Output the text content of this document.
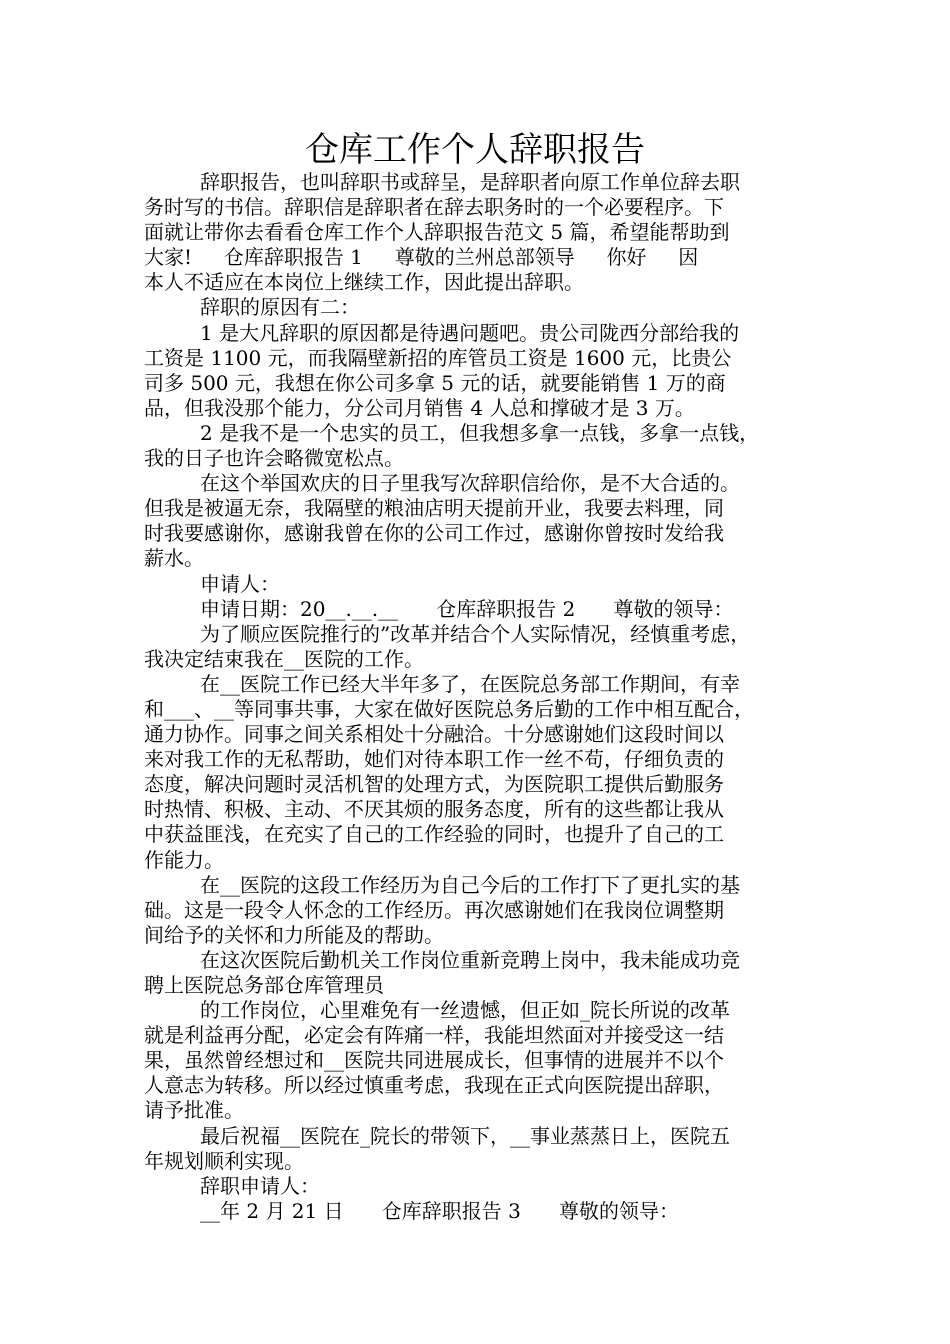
仓库工作个人辞职报告
辞职报告，也叫辞职书或辞呈，是辞职者向原工作单位辞去职
务时写的书信。辞职信是辞职者在辞去职务时的一个必要程序。下
面就让带你去看看仓库工作个人辞职报告范文 5 篇，希望能帮助到
大家!     仓库辞职报告 1     尊敬的兰州总部领导     你好     因
本人不适应在本岗位上继续工作，因此提出辞职。
辞职的原因有二：
1 是大凡辞职的原因都是待遇问题吧。贵公司陇西分部给我的
工资是 1100 元，而我隔壁新招的库管员工资是 1600 元，比贵公
司多 500 元，我想在你公司多拿 5 元的话，就要能销售 1 万的商
品，但我没那个能力，分公司月销售 4 人总和撑破才是 3 万。
2 是我不是一个忠实的员工，但我想多拿一点钱，多拿一点钱，
我的日子也许会略微宽松点。
在这个举国欢庆的日子里我写次辞职信给你，是不大合适的。
但我是被逼无奈，我隔壁的粮油店明天提前开业，我要去料理，同
时我要感谢你，感谢我曾在你的公司工作过，感谢你曾按时发给我
薪水。
申请人：
申请日期：20__.__.__      仓库辞职报告 2      尊敬的领导：
为了顺应医院推行的”改革并结合个人实际情况，经慎重考虑，
我决定结束我在__医院的工作。
在__医院工作已经大半年多了，在医院总务部工作期间，有幸
和___、__等同事共事，大家在做好医院总务后勤的工作中相互配合，
通力协作。同事之间关系相处十分融洽。十分感谢她们这段时间以
来对我工作的无私帮助，她们对待本职工作一丝不苟，仔细负责的
态度，解决问题时灵活机智的处理方式，为医院职工提供后勤服务
时热情、积极、主动、不厌其烦的服务态度，所有的这些都让我从
中获益匪浅，在充实了自己的工作经验的同时，也提升了自己的工
作能力。
在__医院的这段工作经历为自己今后的工作打下了更扎实的基
础。这是一段令人怀念的工作经历。再次感谢她们在我岗位调整期
间给予的关怀和力所能及的帮助。
在这次医院后勤机关工作岗位重新竞聘上岗中，我未能成功竞
聘上医院总务部仓库管理员
的工作岗位，心里难免有一丝遗憾，但正如_院长所说的改革
就是利益再分配，必定会有阵痛一样，我能坦然面对并接受这一结
果，虽然曾经想过和__医院共同进展成长，但事情的进展并不以个
人意志为转移。所以经过慎重考虑，我现在正式向医院提出辞职，
请予批准。
最后祝福__医院在_院长的带领下，__事业蒸蒸日上，医院五
年规划顺利实现。
辞职申请人：
__年 2 月 21 日      仓库辞职报告 3      尊敬的领导：
